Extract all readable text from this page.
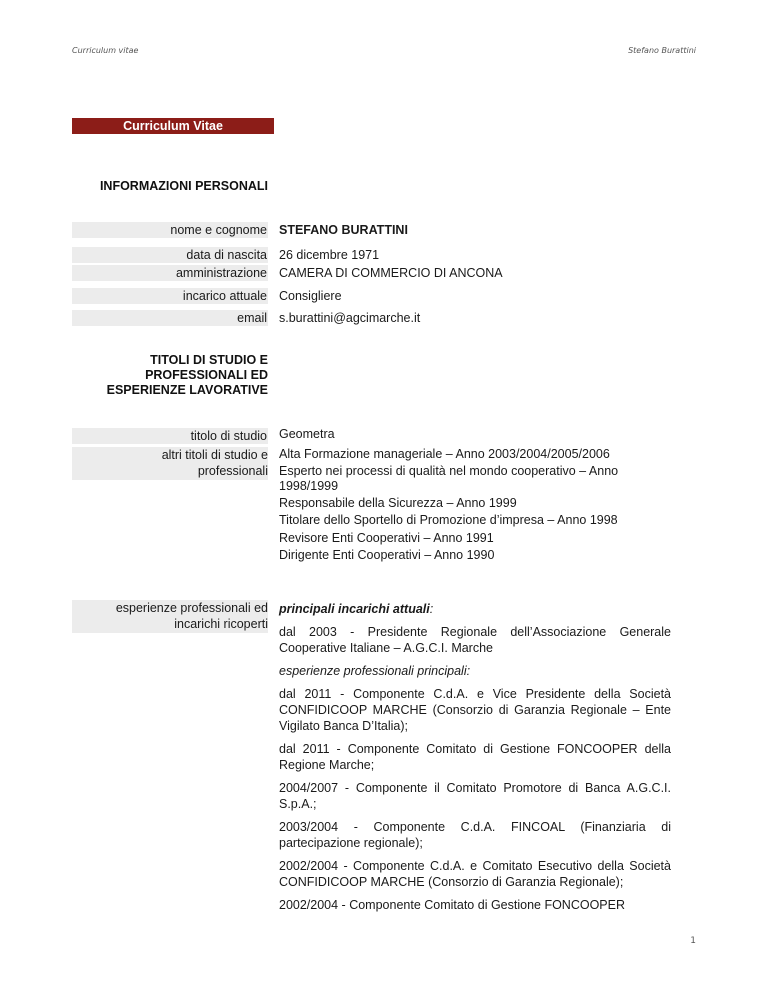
Curriculum vitae	Stefano Burattini
Curriculum Vitae
INFORMAZIONI PERSONALI
nome e cognome STEFANO BURATTINI
data di nascita 26 dicembre 1971
amministrazione CAMERA DI COMMERCIO DI ANCONA
incarico attuale Consigliere
email s.burattini@agcimarche.it
TITOLI DI STUDIO E
PROFESSIONALI ED
ESPERIENZE LAVORATIVE
titolo di studio Geometra
altri titoli di studio e
professionali
Alta Formazione manageriale – Anno 2003/2004/2005/2006
Esperto nei processi di qualità nel mondo cooperativo – Anno 1998/1999
Responsabile della Sicurezza – Anno 1999
Titolare dello Sportello di Promozione d’impresa – Anno 1998
Revisore Enti Cooperativi – Anno 1991
Dirigente Enti Cooperativi – Anno 1990
esperienze professionali ed
incarichi ricoperti
principali incarichi attuali:
dal 2003 - Presidente Regionale dell’Associazione Generale Cooperative Italiane – A.G.C.I. Marche
esperienze professionali principali:
dal 2011 - Componente C.d.A. e Vice Presidente della Società CONFIDICOOP MARCHE (Consorzio di Garanzia Regionale – Ente Vigilato Banca D’Italia);
dal 2011 - Componente Comitato di Gestione FONCOOPER della Regione Marche;
2004/2007 - Componente il Comitato Promotore di Banca A.G.C.I. S.p.A.;
2003/2004 - Componente C.d.A. FINCOAL (Finanziaria di partecipazione regionale);
2002/2004 - Componente C.d.A. e Comitato Esecutivo della Società CONFIDICOOP MARCHE (Consorzio di Garanzia Regionale);
2002/2004 - Componente Comitato di Gestione FONCOOPER
1
